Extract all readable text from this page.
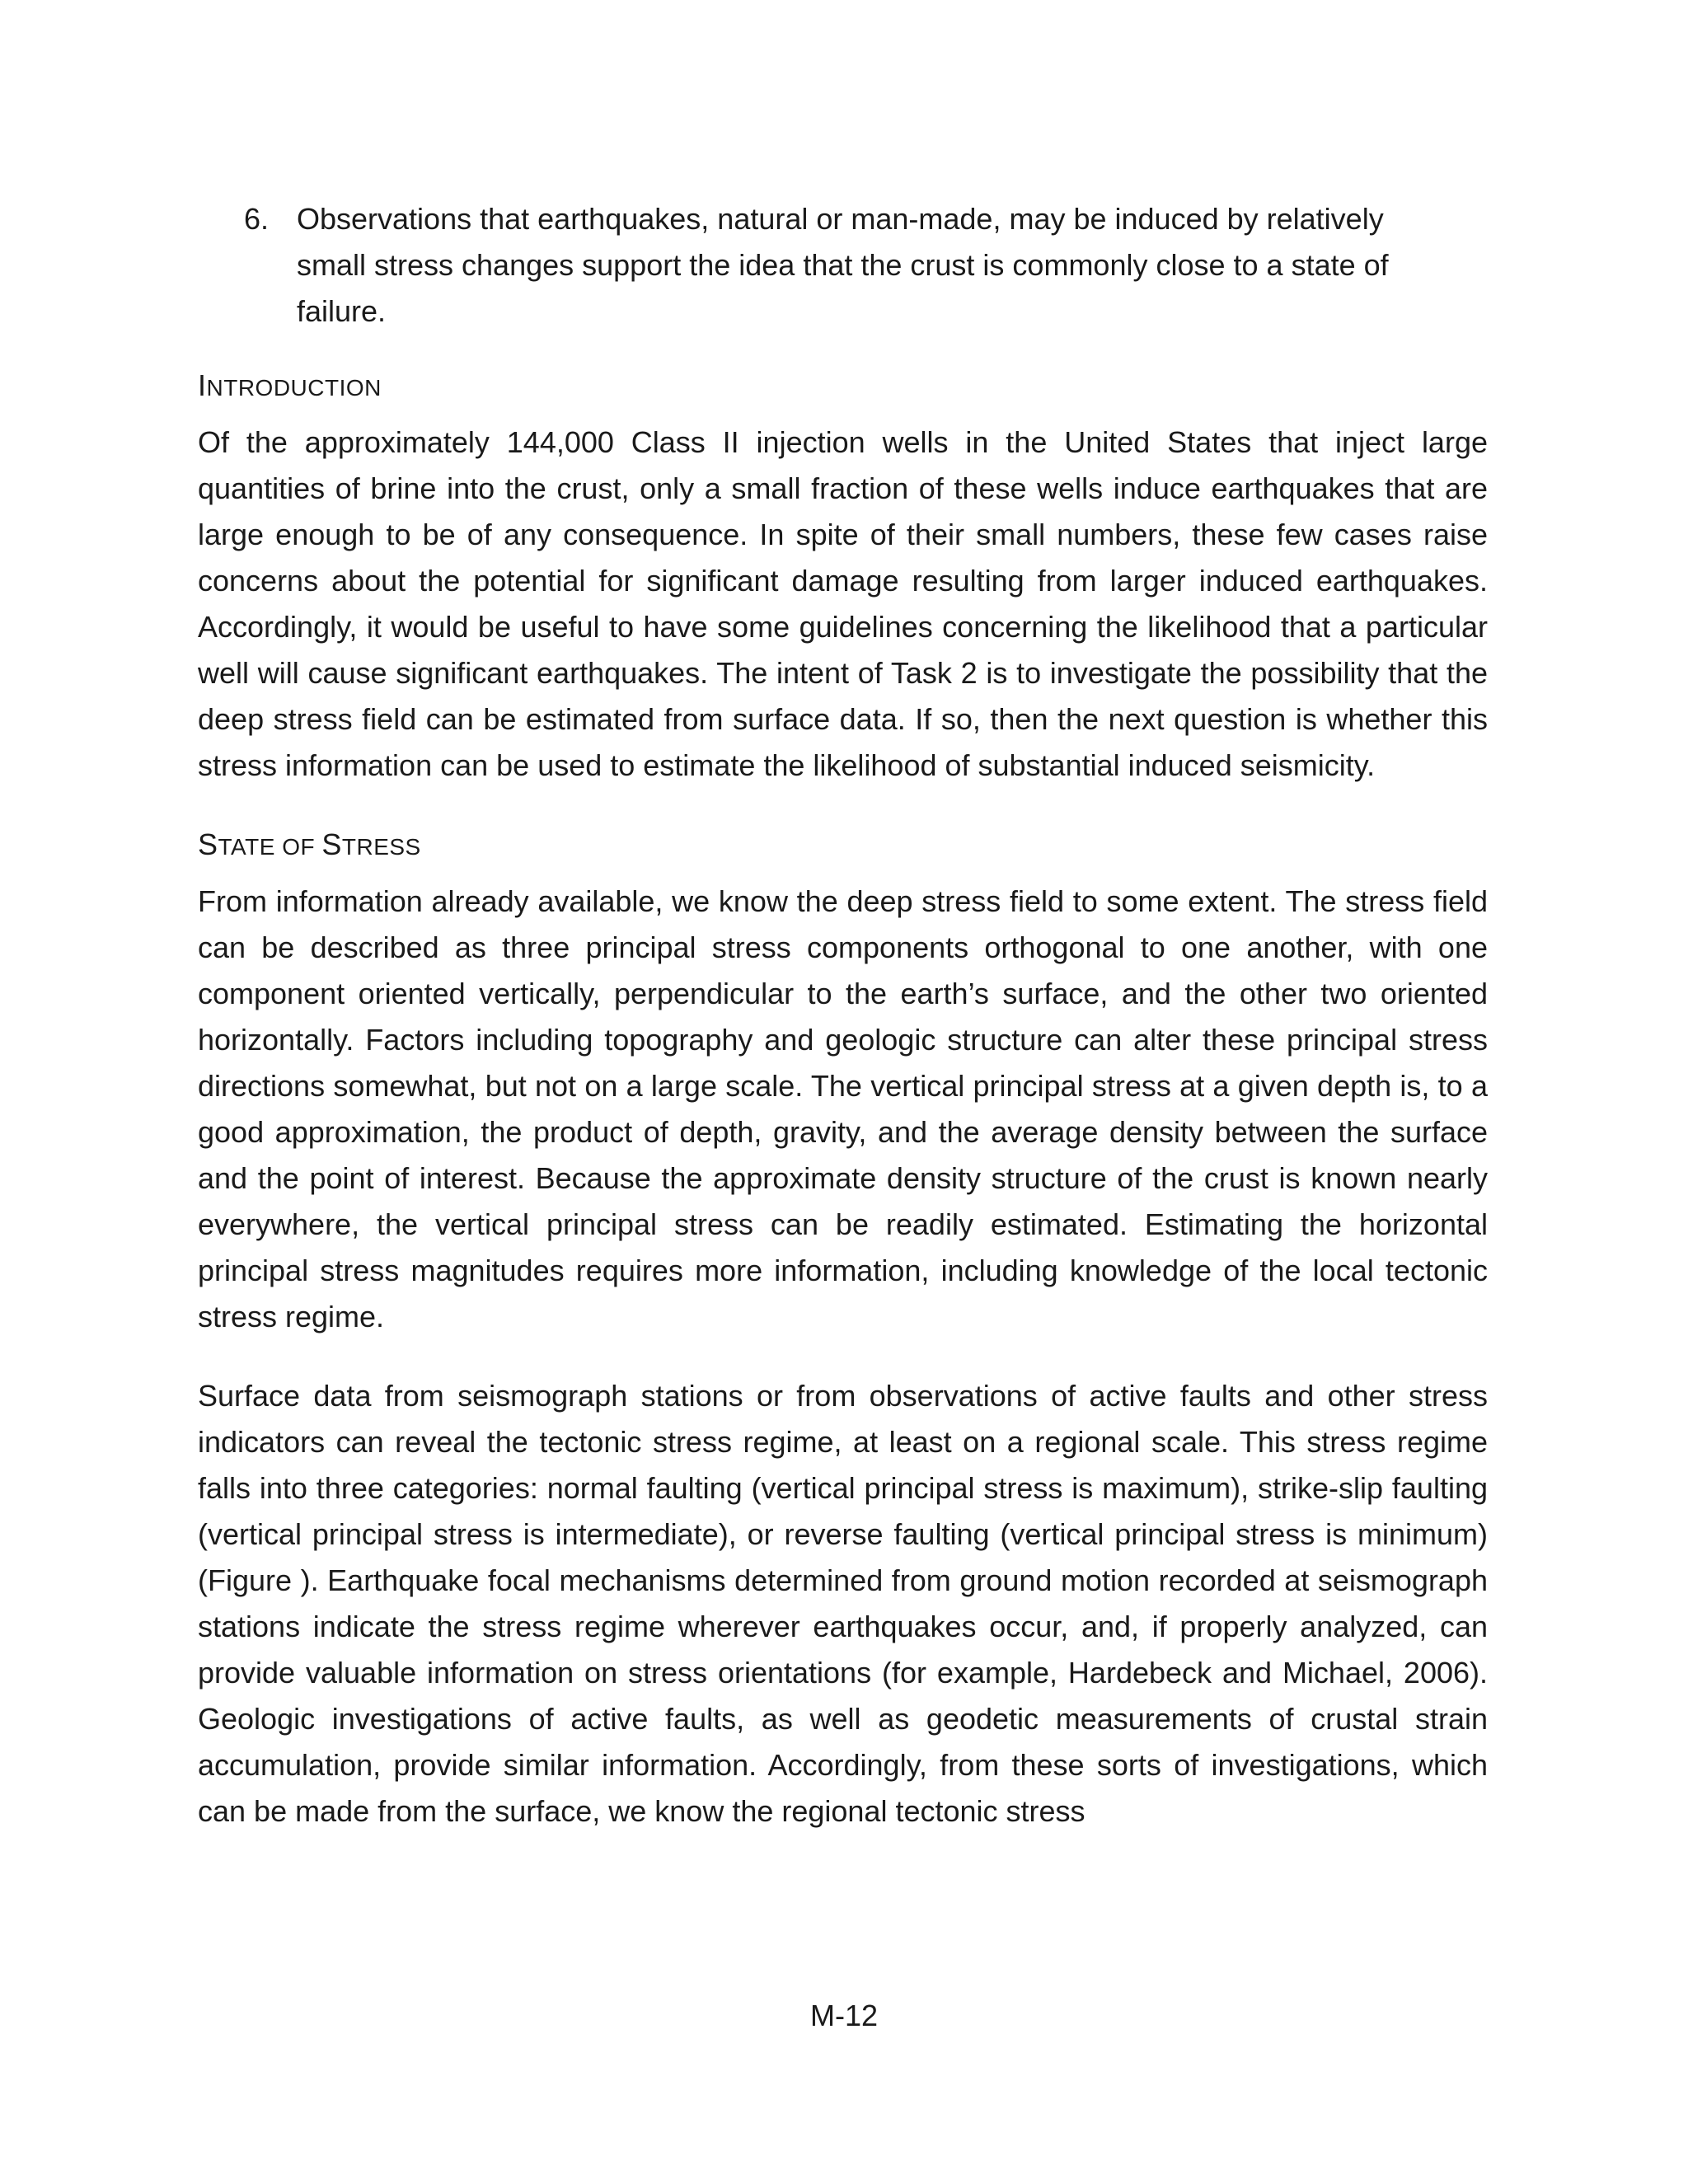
6. Observations that earthquakes, natural or man-made, may be induced by relatively small stress changes support the idea that the crust is commonly close to a state of failure.
INTRODUCTION

Of the approximately 144,000 Class II injection wells in the United States that inject large quantities of brine into the crust, only a small fraction of these wells induce earthquakes that are large enough to be of any consequence. In spite of their small numbers, these few cases raise concerns about the potential for significant damage resulting from larger induced earthquakes. Accordingly, it would be useful to have some guidelines concerning the likelihood that a particular well will cause significant earthquakes. The intent of Task 2 is to investigate the possibility that the deep stress field can be estimated from surface data. If so, then the next question is whether this stress information can be used to estimate the likelihood of substantial induced seismicity.

STATE OF STRESS

From information already available, we know the deep stress field to some extent. The stress field can be described as three principal stress components orthogonal to one another, with one component oriented vertically, perpendicular to the earth’s surface, and the other two oriented horizontally. Factors including topography and geologic structure can alter these principal stress directions somewhat, but not on a large scale. The vertical principal stress at a given depth is, to a good approximation, the product of depth, gravity, and the average density between the surface and the point of interest. Because the approximate density structure of the crust is known nearly everywhere, the vertical principal stress can be readily estimated. Estimating the horizontal principal stress magnitudes requires more information, including knowledge of the local tectonic stress regime.

Surface data from seismograph stations or from observations of active faults and other stress indicators can reveal the tectonic stress regime, at least on a regional scale. This stress regime falls into three categories: normal faulting (vertical principal stress is maximum), strike-slip faulting (vertical principal stress is intermediate), or reverse faulting (vertical principal stress is minimum) (Figure ). Earthquake focal mechanisms determined from ground motion recorded at seismograph stations indicate the stress regime wherever earthquakes occur, and, if properly analyzed, can provide valuable information on stress orientations (for example, Hardebeck and Michael, 2006). Geologic investigations of active faults, as well as geodetic measurements of crustal strain accumulation, provide similar information. Accordingly, from these sorts of investigations, which can be made from the surface, we know the regional tectonic stress

M-12
